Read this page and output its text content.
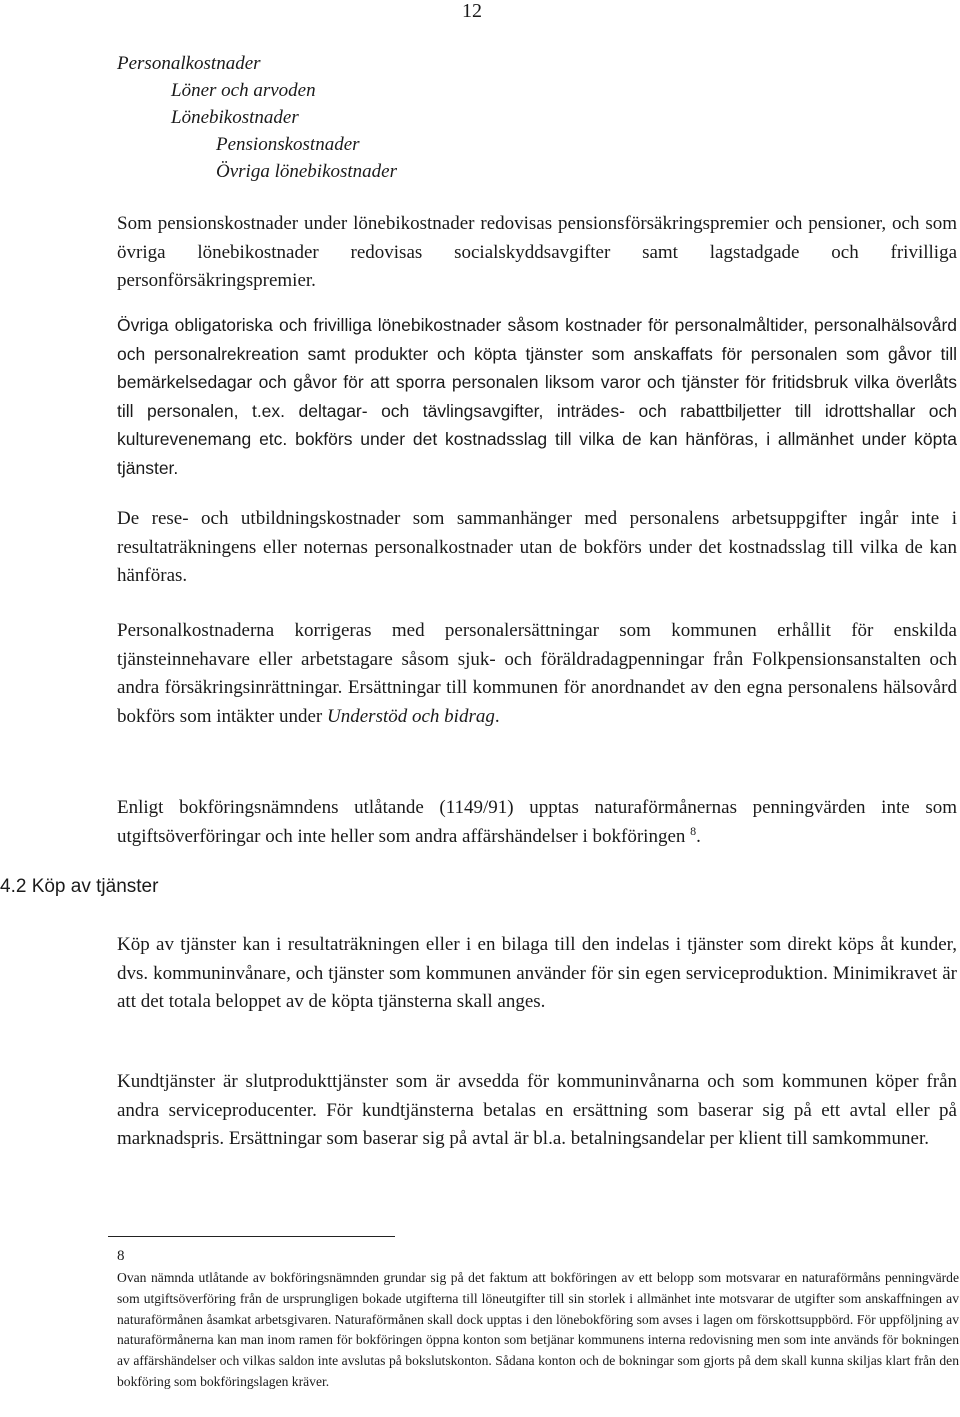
12
Personalkostnader
Löner och arvoden
Lönebikostnader
Pensionskostnader
Övriga lönebikostnader

Som pensionskostnader under lönebikostnader redovisas pensionsförsäkringspremier och pensioner, och som övriga lönebikostnader redovisas socialskyddsavgifter samt lagstadgade och frivilliga personförsäkringspremier.

Övriga obligatoriska och frivilliga lönebikostnader såsom kostnader för personalmåltider, personalhälsovård och personalrekreation samt produkter och köpta tjänster som anskaffats för personalen som gåvor till bemärkelsedagar och gåvor för att sporra personalen liksom varor och tjänster för fritidsbruk vilka överlåts till personalen, t.ex. deltagar- och tävlingsavgifter, inträdes- och rabattbiljetter till idrottshallar och kulturevenemang etc. bokförs under det kostnadsslag till vilka de kan hänföras, i allmänhet under köpta tjänster.

De rese- och utbildningskostnader som sammanhänger med personalens arbetsuppgifter ingår inte i resultaträkningens eller noternas personalkostnader utan de bokförs under det kostnadsslag till vilka de kan hänföras.

Personalkostnaderna korrigeras med personalersättningar som kommunen erhållit för enskilda tjänsteinnehavare eller arbetstagare såsom sjuk- och föräldradagpenningar från Folkpensionsanstalten och andra försäkringsinrättningar. Ersättningar till kommunen för anordnandet av den egna personalens hälsovård bokförs som intäkter under Understöd och bidrag.

Enligt bokföringsnämndens utlåtande (1149/91) upptas naturaförmånernas penningvärden inte som utgiftsöverföringar och inte heller som andra affärshändelser i bokföringen $^8$.

4.2 Köp av tjänster

Köp av tjänster kan i resultaträkningen eller i en bilaga till den indelas i tjänster som direkt köps åt kunder, dvs. kommuninvånare, och tjänster som kommunen använder för sin egen serviceproduktion. Minimikravet är att det totala beloppet av de köpta tjänsterna skall anges.

Kundtjänster är slutprodukttjänster som är avsedda för kommuninvånarna och som kommunen köper från andra serviceproducenter. För kundtjänsterna betalas en ersättning som baserar sig på ett avtal eller på marknadspris. Ersättningar som baserar sig på avtal är bl.a. betalningsandelar per klient till samkommuner.

8

Ovan nämnda utlåtande av bokföringsnämnden grundar sig på det faktum att bokföringen av ett belopp som motsvarar en naturaförmåns penningvärde som utgiftsöverföring från de ursprungligen bokade utgifterna till löneutgifter till sin storlek i allmänhet inte motsvarar de utgifter som anskaffningen av naturaförmånen åsamkat arbetsgivaren. Naturaförmånen skall dock upptas i den lönebokföring som avses i lagen om förskottsuppbörd. För uppföljning av naturaförmånerna kan man inom ramen för bokföringen öppna konton som betjänar kommunens interna redovisning men som inte används för bokningen av affärshändelser och vilkas saldon inte avslutas på bokslutskonton. Sådana konton och de bokningar som gjorts på dem skall kunna skiljas klart från den bokföring som bokföringslagen kräver.
